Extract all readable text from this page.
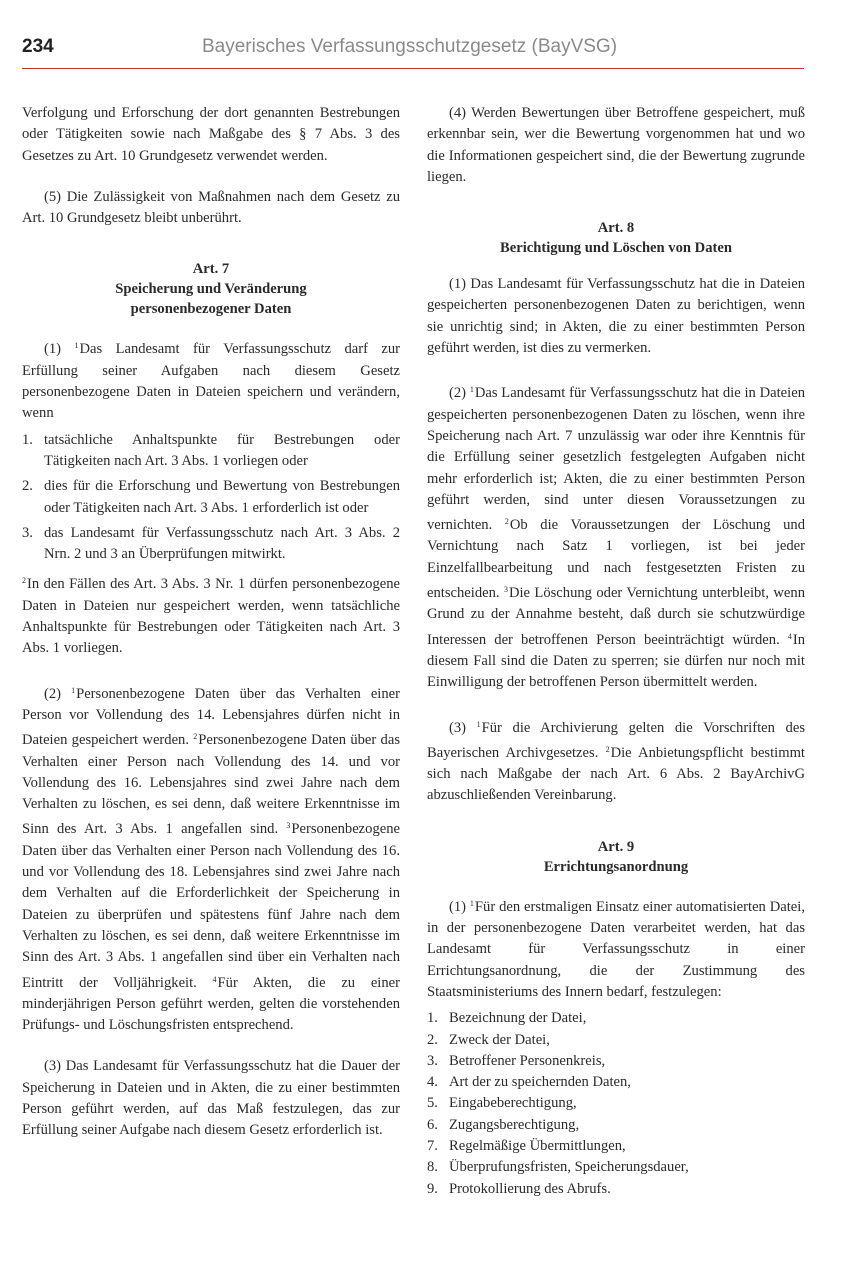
234	Bayerisches Verfassungsschutzgesetz (BayVSG)

Verfolgung und Erforschung der dort genannten Bestrebungen oder Tätigkeiten sowie nach Maßgabe des § 7 Abs. 3 des Gesetzes zu Art. 10 Grundgesetz verwendet werden.

(5) Die Zulässigkeit von Maßnahmen nach dem Gesetz zu Art. 10 Grundgesetz bleibt unberührt.

Art. 7
Speicherung und Veränderung
personenbezogener Daten

(1) $^1$Das Landesamt für Verfassungsschutz darf zur Erfüllung seiner Aufgaben nach diesem Gesetz personenbezogene Daten in Dateien speichern und verändern, wenn

1. tatsächliche Anhaltspunkte für Bestrebungen oder Tätigkeiten nach Art. 3 Abs. 1 vorliegen oder
2. dies für die Erforschung und Bewertung von Bestrebungen oder Tätigkeiten nach Art. 3 Abs. 1 erforderlich ist oder
3. das Landesamt für Verfassungsschutz nach Art. 3 Abs. 2 Nrn. 2 und 3 an Überprüfungen mitwirkt.

$^2$In den Fällen des Art. 3 Abs. 3 Nr. 1 dürfen personenbezogene Daten in Dateien nur gespeichert werden, wenn tatsächliche Anhaltspunkte für Bestrebungen oder Tätigkeiten nach Art. 3 Abs. 1 vorliegen.

(2) $^1$Personenbezogene Daten über das Verhalten einer Person vor Vollendung des 14. Lebensjahres dürfen nicht in Dateien gespeichert werden. $^2$Personenbezogene Daten über das Verhalten einer Person nach Vollendung des 14. und vor Vollendung des 16. Lebensjahres sind zwei Jahre nach dem Verhalten zu löschen, es sei denn, daß weitere Erkenntnisse im Sinn des Art. 3 Abs. 1 angefallen sind. $^3$Personenbezogene Daten über das Verhalten einer Person nach Vollendung des 16. und vor Vollendung des 18. Lebensjahres sind zwei Jahre nach dem Verhalten auf die Erforderlichkeit der Speicherung in Dateien zu überprüfen und spätestens fünf Jahre nach dem Verhalten zu löschen, es sei denn, daß weitere Erkenntnisse im Sinn des Art. 3 Abs. 1 angefallen sind über ein Verhalten nach Eintritt der Volljährigkeit. $^4$Für Akten, die zu einer minderjährigen Person geführt werden, gelten die vorstehenden Prüfungs- und Löschungsfristen entsprechend.

(3) Das Landesamt für Verfassungsschutz hat die Dauer der Speicherung in Dateien und in Akten, die zu einer bestimmten Person geführt werden, auf das Maß festzulegen, das zur Erfüllung seiner Aufgabe nach diesem Gesetz erforderlich ist.

(4) Werden Bewertungen über Betroffene gespeichert, muß erkennbar sein, wer die Bewertung vorgenommen hat und wo die Informationen gespeichert sind, die der Bewertung zugrunde liegen.

Art. 8
Berichtigung und Löschen von Daten

(1) Das Landesamt für Verfassungsschutz hat die in Dateien gespeicherten personenbezogenen Daten zu berichtigen, wenn sie unrichtig sind; in Akten, die zu einer bestimmten Person geführt werden, ist dies zu vermerken.

(2) $^1$Das Landesamt für Verfassungsschutz hat die in Dateien gespeicherten personenbezogenen Daten zu löschen, wenn ihre Speicherung nach Art. 7 unzulässig war oder ihre Kenntnis für die Erfüllung seiner gesetzlich festgelegten Aufgaben nicht mehr erforderlich ist; Akten, die zu einer bestimmten Person geführt werden, sind unter diesen Voraussetzungen zu vernichten. $^2$Ob die Voraussetzungen der Löschung und Vernichtung nach Satz 1 vorliegen, ist bei jeder Einzelfallbearbeitung und nach festgesetzten Fristen zu entscheiden. $^3$Die Löschung oder Vernichtung unterbleibt, wenn Grund zu der Annahme besteht, daß durch sie schutzwürdige Interessen der betroffenen Person beeinträchtigt würden. $^4$In diesem Fall sind die Daten zu sperren; sie dürfen nur noch mit Einwilligung der betroffenen Person übermittelt werden.

(3) $^1$Für die Archivierung gelten die Vorschriften des Bayerischen Archivgesetzes. $^2$Die Anbietungspflicht bestimmt sich nach Maßgabe der nach Art. 6 Abs. 2 BayArchivG abzuschließenden Vereinbarung.

Art. 9
Errichtungsanordnung

(1) $^1$Für den erstmaligen Einsatz einer automatisierten Datei, in der personenbezogene Daten verarbeitet werden, hat das Landesamt für Verfassungsschutz in einer Errichtungsanordnung, die der Zustimmung des Staatsministeriums des Innern bedarf, festzulegen:

1. Bezeichnung der Datei,
2. Zweck der Datei,
3. Betroffener Personenkreis,
4. Art der zu speichernden Daten,
5. Eingabeberechtigung,
6. Zugangsberechtigung,
7. Regelmäßige Übermittlungen,
8. Überprufungsfristen, Speicherungsdauer,
9. Protokollierung des Abrufs.
